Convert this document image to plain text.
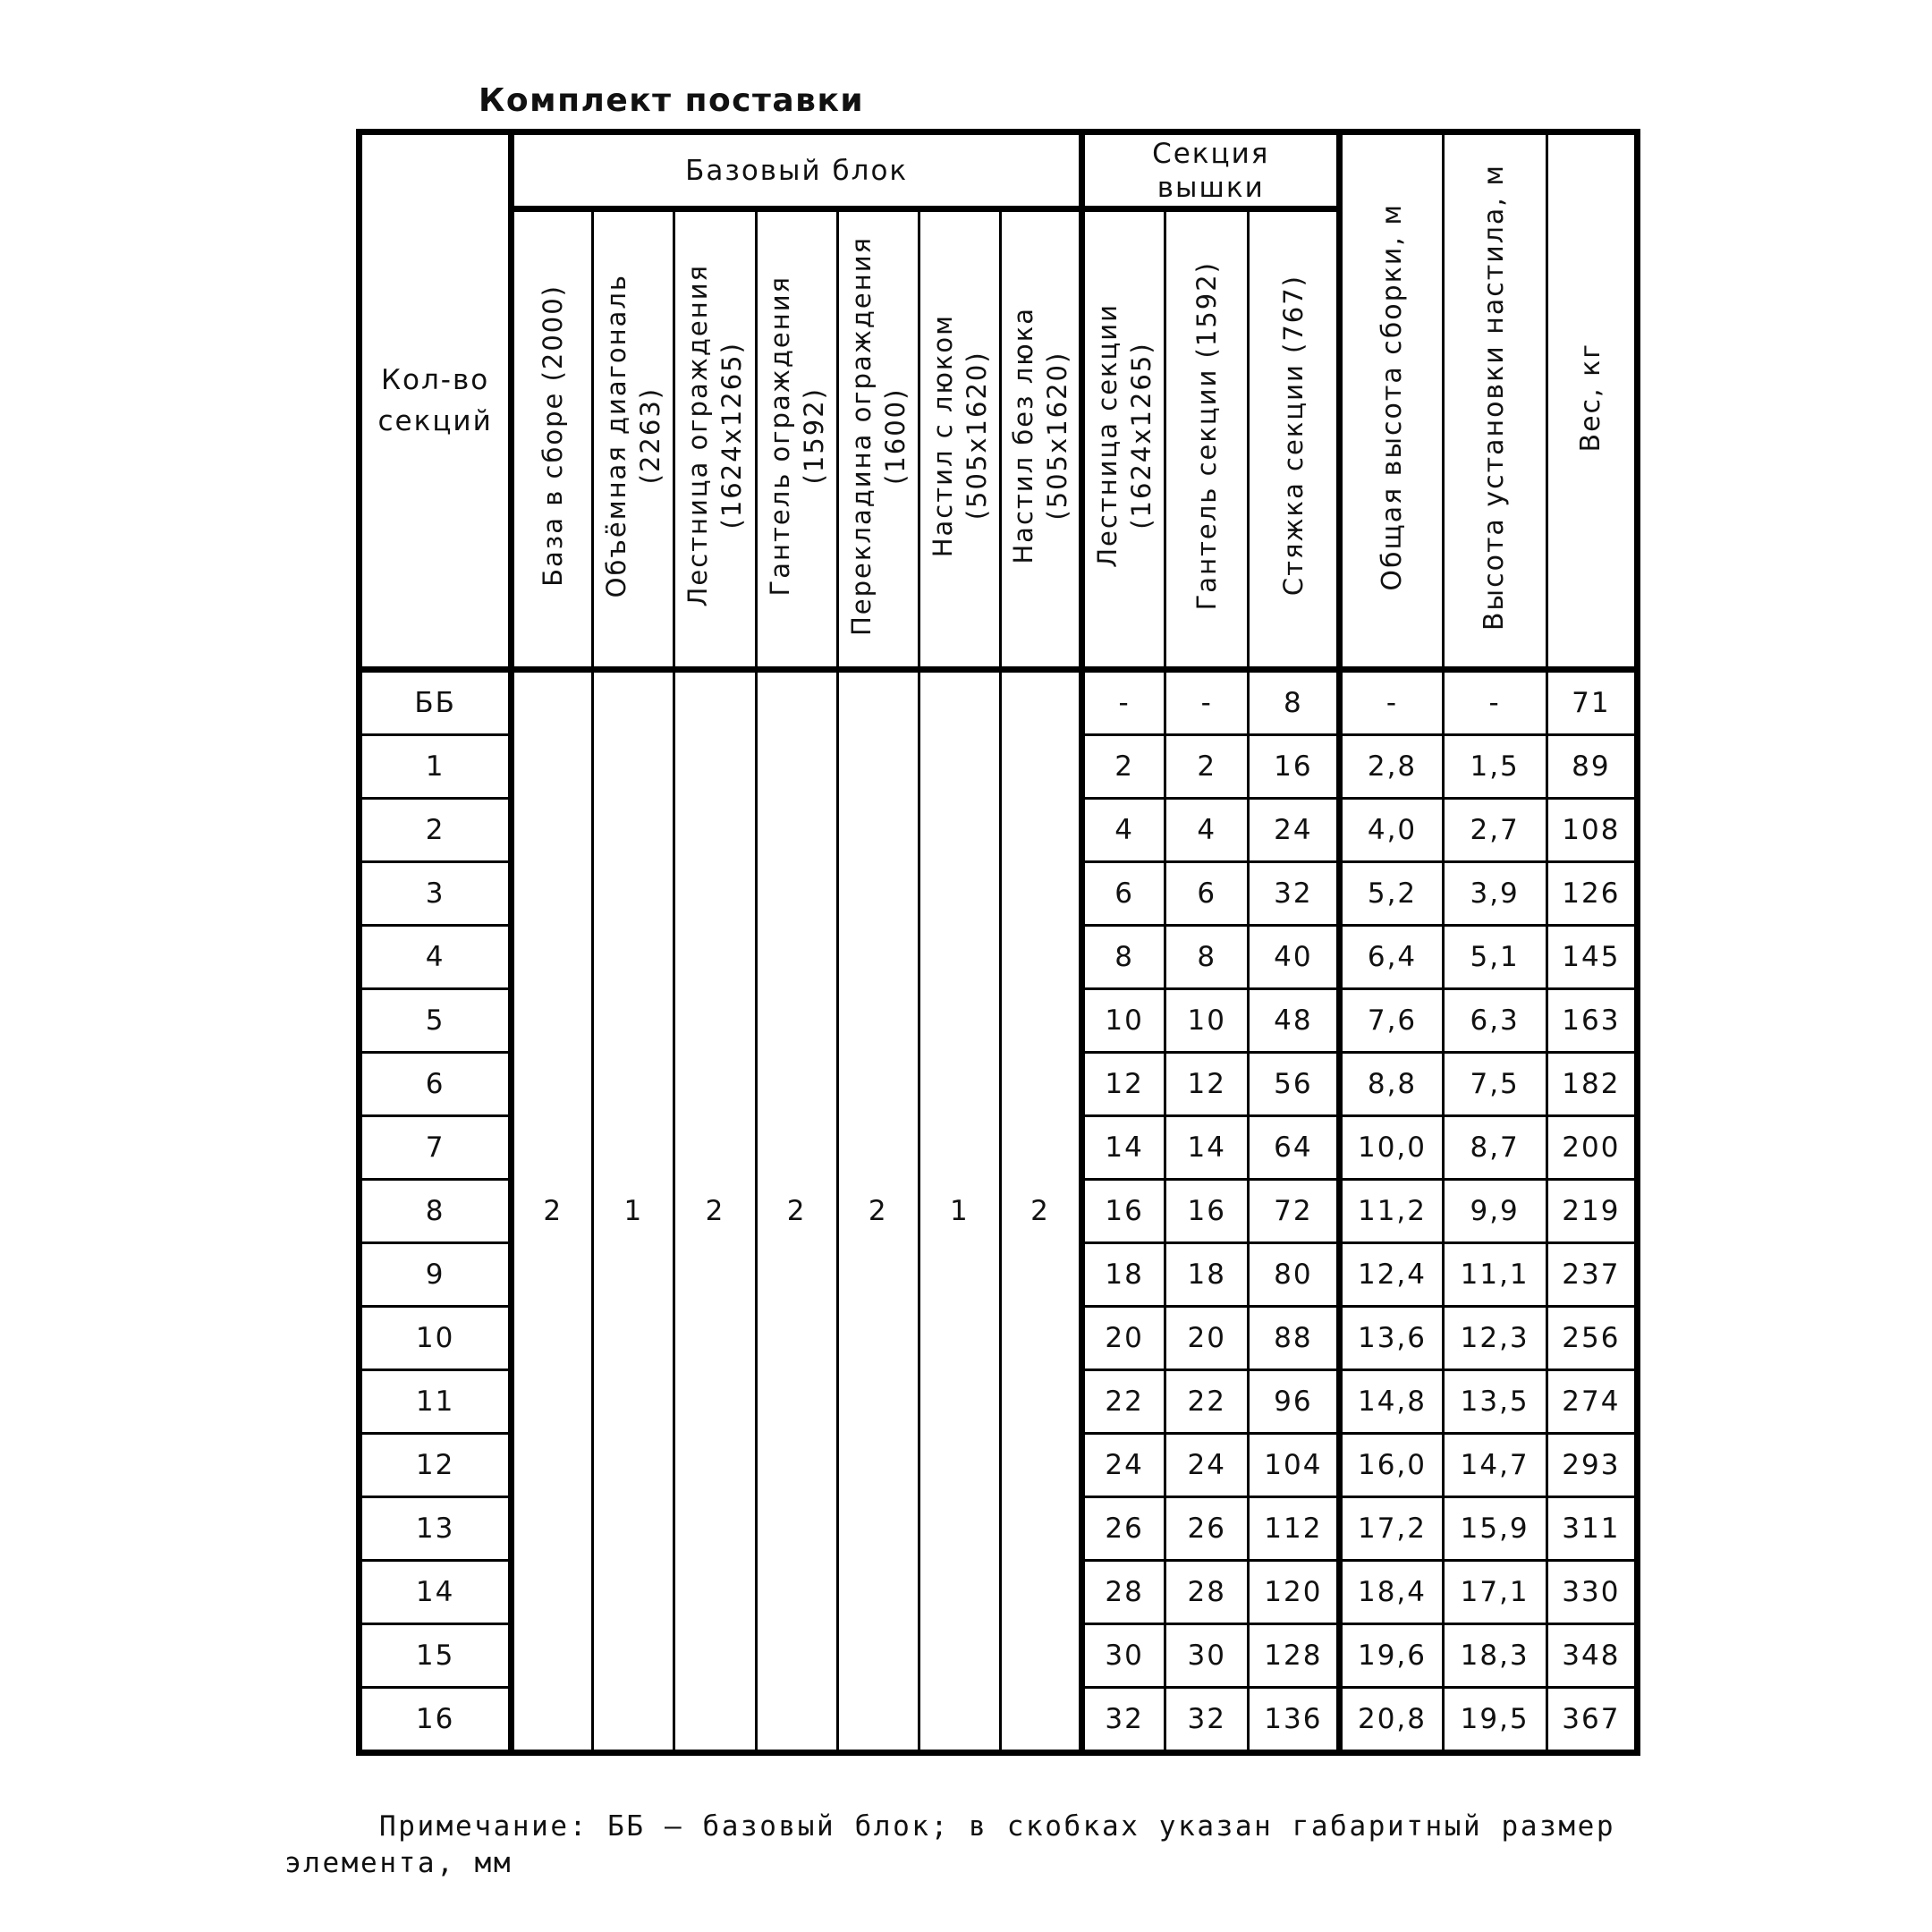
Комплект поставки
Кол-во секций	Базовый блок							Секция вышки			Общая высота сборки, м	Высота установки настила, м	Вес, кг
	База в сборе (2000)	Объёмная диагональ (2263)	Лестница ограждения (1624х1265)	Гантель ограждения (1592)	Перекладина ограждения (1600)	Настил с люком (505х1620)	Настил без люка (505х1620)	Лестница секции (1624х1265)	Гантель секции (1592)	Стяжка секции (767)			
ББ	2	1	2	2	2	1	2	-	-	8	-	-	71
1								2	2	16	2,8	1,5	89
2								4	4	24	4,0	2,7	108
3								6	6	32	5,2	3,9	126
4								8	8	40	6,4	5,1	145
5								10	10	48	7,6	6,3	163
6								12	12	56	8,8	7,5	182
7								14	14	64	10,0	8,7	200
8								16	16	72	11,2	9,9	219
9								18	18	80	12,4	11,1	237
10								20	20	88	13,6	12,3	256
11								22	22	96	14,8	13,5	274
12								24	24	104	16,0	14,7	293
13								26	26	112	17,2	15,9	311
14								28	28	120	18,4	17,1	330
15								30	30	128	19,6	18,3	348
16								32	32	136	20,8	19,5	367
Примечание: ББ – базовый блок; в скобках указан габаритный размер
элемента, мм
